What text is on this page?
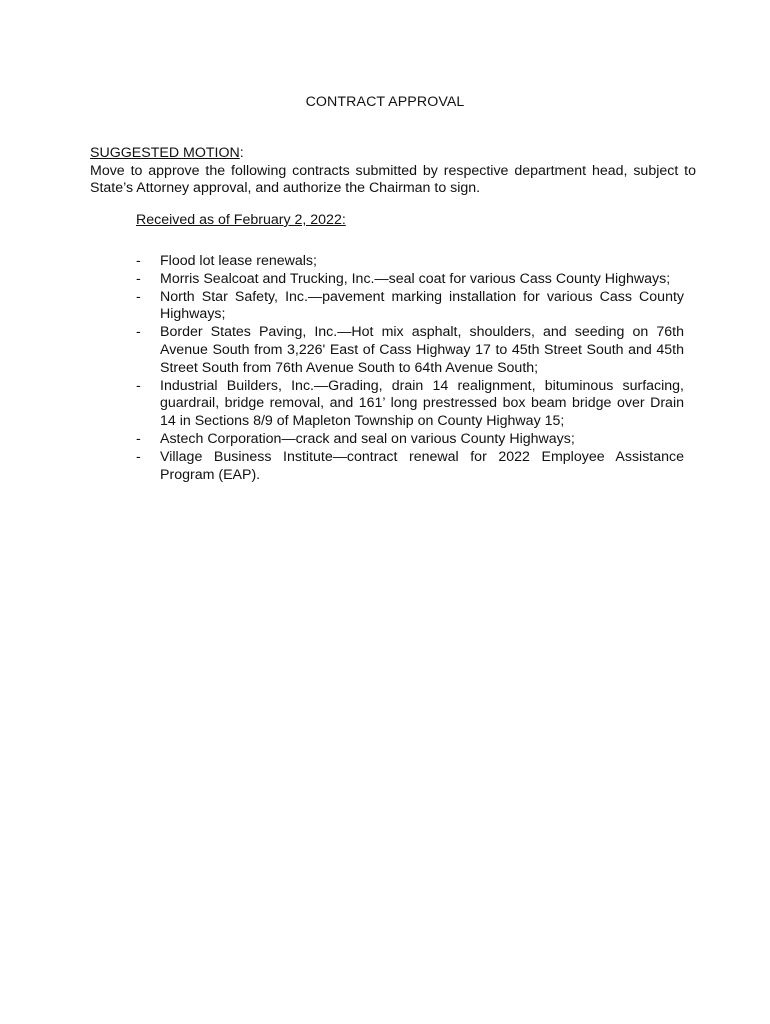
CONTRACT APPROVAL
SUGGESTED MOTION:
Move to approve the following contracts submitted by respective department head, subject to State’s Attorney approval, and authorize the Chairman to sign.
Received as of February 2, 2022:
- Flood lot lease renewals;
- Morris Sealcoat and Trucking, Inc.—seal coat for various Cass County Highways;
- North Star Safety, Inc.—pavement marking installation for various Cass County Highways;
- Border States Paving, Inc.—Hot mix asphalt, shoulders, and seeding on 76th Avenue South from 3,226' East of Cass Highway 17 to 45th Street South and 45th Street South from 76th Avenue South to 64th Avenue South;
- Industrial Builders, Inc.—Grading, drain 14 realignment, bituminous surfacing, guardrail, bridge removal, and 161’ long prestressed box beam bridge over Drain 14 in Sections 8/9 of Mapleton Township on County Highway 15;
- Astech Corporation—crack and seal on various County Highways;
- Village Business Institute—contract renewal for 2022 Employee Assistance Program (EAP).
